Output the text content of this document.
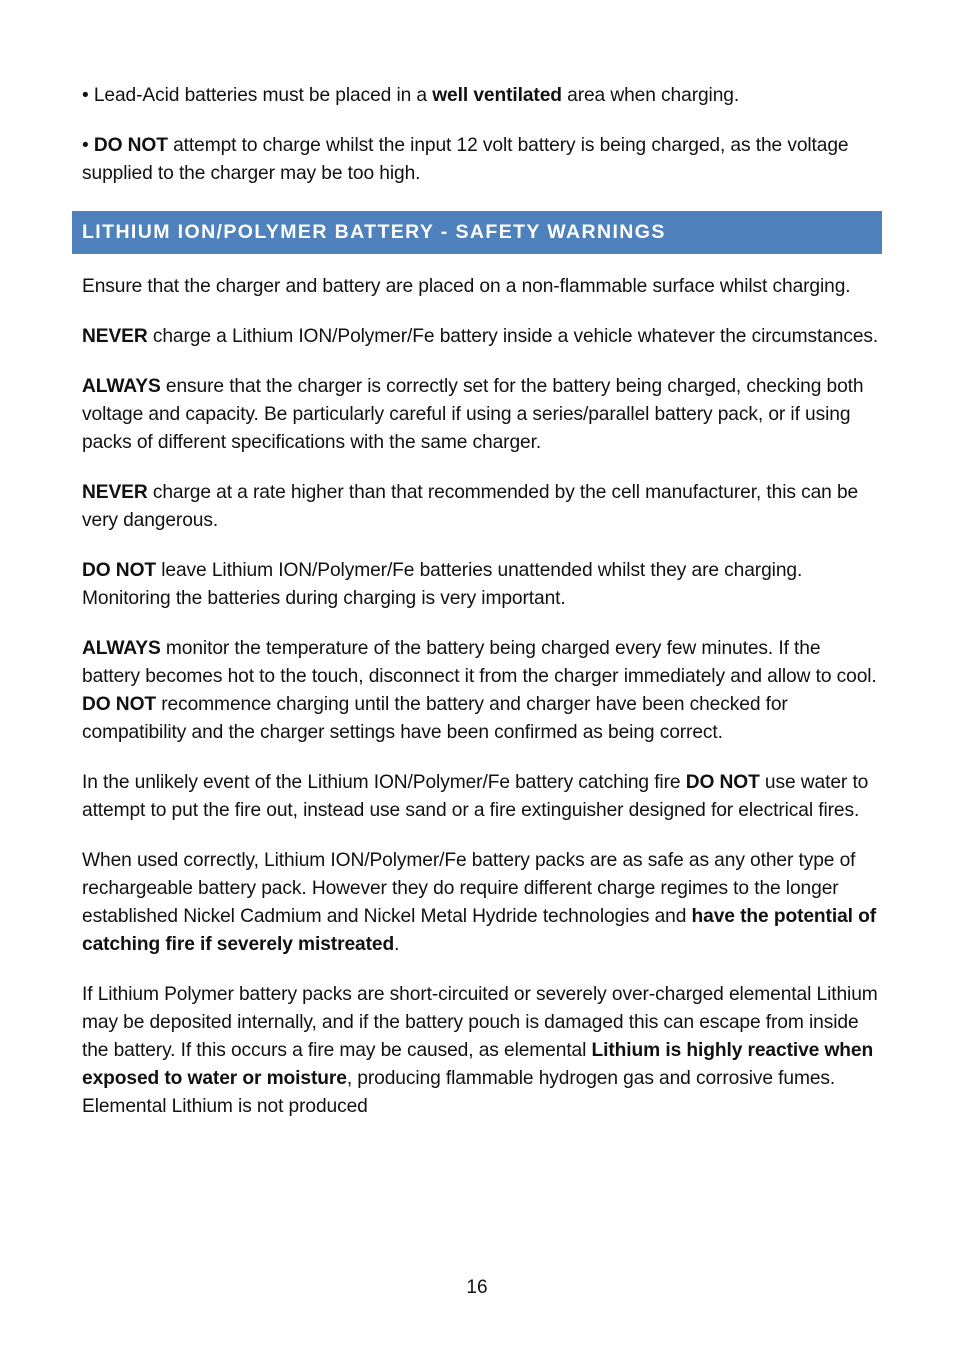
• Lead-Acid batteries must be placed in a well ventilated area when charging.

• DO NOT attempt to charge whilst the input 12 volt battery is being charged, as the voltage supplied to the charger may be too high.

LITHIUM ION/POLYMER BATTERY - SAFETY WARNINGS

Ensure that the charger and battery are placed on a non-flammable surface whilst charging.

NEVER charge a Lithium ION/Polymer/Fe battery inside a vehicle whatever the circumstances.

ALWAYS ensure that the charger is correctly set for the battery being charged, checking both voltage and capacity. Be particularly careful if using a series/parallel battery pack, or if using packs of different specifications with the same charger.

NEVER charge at a rate higher than that recommended by the cell manufacturer, this can be very dangerous.

DO NOT leave Lithium ION/Polymer/Fe batteries unattended whilst they are charging. Monitoring the batteries during charging is very important.

ALWAYS monitor the temperature of the battery being charged every few minutes. If the battery becomes hot to the touch, disconnect it from the charger immediately and allow to cool. DO NOT recommence charging until the battery and charger have been checked for compatibility and the charger settings have been confirmed as being correct.

In the unlikely event of the Lithium ION/Polymer/Fe battery catching fire DO NOT use water to attempt to put the fire out, instead use sand or a fire extinguisher designed for electrical fires.

When used correctly, Lithium ION/Polymer/Fe battery packs are as safe as any other type of rechargeable battery pack. However they do require different charge regimes to the longer established Nickel Cadmium and Nickel Metal Hydride technologies and have the potential of catching fire if severely mistreated.

If Lithium Polymer battery packs are short-circuited or severely over-charged elemental Lithium may be deposited internally, and if the battery pouch is damaged this can escape from inside the battery. If this occurs a fire may be caused, as elemental Lithium is highly reactive when exposed to water or moisture, producing flammable hydrogen gas and corrosive fumes. Elemental Lithium is not produced

16
